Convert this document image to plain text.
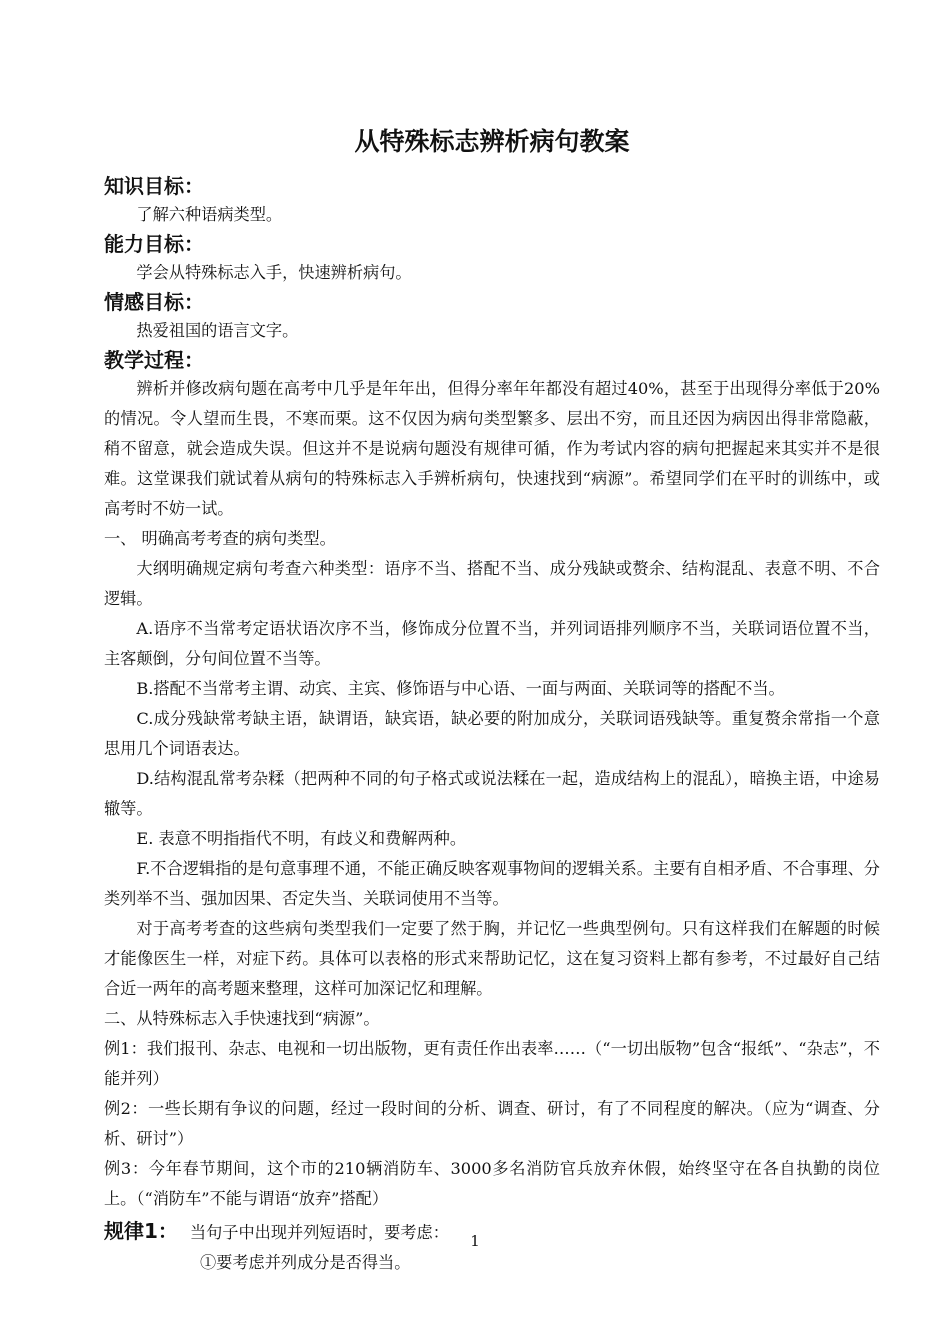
从特殊标志辨析病句教案
知识目标：

了解六种语病类型。

能力目标：

学会从特殊标志入手，快速辨析病句。

情感目标：

热爱祖国的语言文字。

教学过程：

辨析并修改病句题在高考中几乎是年年出，但得分率年年都没有超过40%，甚至于出现得分率低于20%的情况。令人望而生畏，不寒而栗。这不仅因为病句类型繁多、层出不穷，而且还因为病因出得非常隐蔽，稍不留意，就会造成失误。但这并不是说病句题没有规律可循，作为考试内容的病句把握起来其实并不是很难。这堂课我们就试着从病句的特殊标志入手辨析病句，快速找到“病源”。希望同学们在平时的训练中，或高考时不妨一试。

一、 明确高考考查的病句类型。

大纲明确规定病句考查六种类型：语序不当、搭配不当、成分残缺或赘余、结构混乱、表意不明、不合逻辑。

A.语序不当常考定语状语次序不当，修饰成分位置不当，并列词语排列顺序不当，关联词语位置不当，主客颠倒，分句间位置不当等。

B.搭配不当常考主谓、动宾、主宾、修饰语与中心语、一面与两面、关联词等的搭配不当。

C.成分残缺常考缺主语，缺谓语，缺宾语，缺必要的附加成分，关联词语残缺等。重复赘余常指一个意思用几个词语表达。

D.结构混乱常考杂糅（把两种不同的句子格式或说法糅在一起，造成结构上的混乱），暗换主语，中途易辙等。

E. 表意不明指指代不明，有歧义和费解两种。

F.不合逻辑指的是句意事理不通，不能正确反映客观事物间的逻辑关系。主要有自相矛盾、不合事理、分类列举不当、强加因果、否定失当、关联词使用不当等。

对于高考考查的这些病句类型我们一定要了然于胸，并记忆一些典型例句。只有这样我们在解题的时候才能像医生一样，对症下药。具体可以表格的形式来帮助记忆，这在复习资料上都有参考，不过最好自己结合近一两年的高考题来整理，这样可加深记忆和理解。

二、从特殊标志入手快速找到“病源”。

例1：我们报刊、杂志、电视和一切出版物，更有责任作出表率……（“一切出版物”包含“报纸”、“杂志”，不能并列）

例2：一些长期有争议的问题，经过一段时间的分析、调查、研讨，有了不同程度的解决。（应为“调查、分析、研讨”）

例3：今年春节期间，这个市的210辆消防车、3000多名消防官兵放弃休假，始终坚守在各自执勤的岗位上。（“消防车”不能与谓语“放弃”搭配）

规律1： 当句子中出现并列短语时，要考虑：

①要考虑并列成分是否得当。

1
